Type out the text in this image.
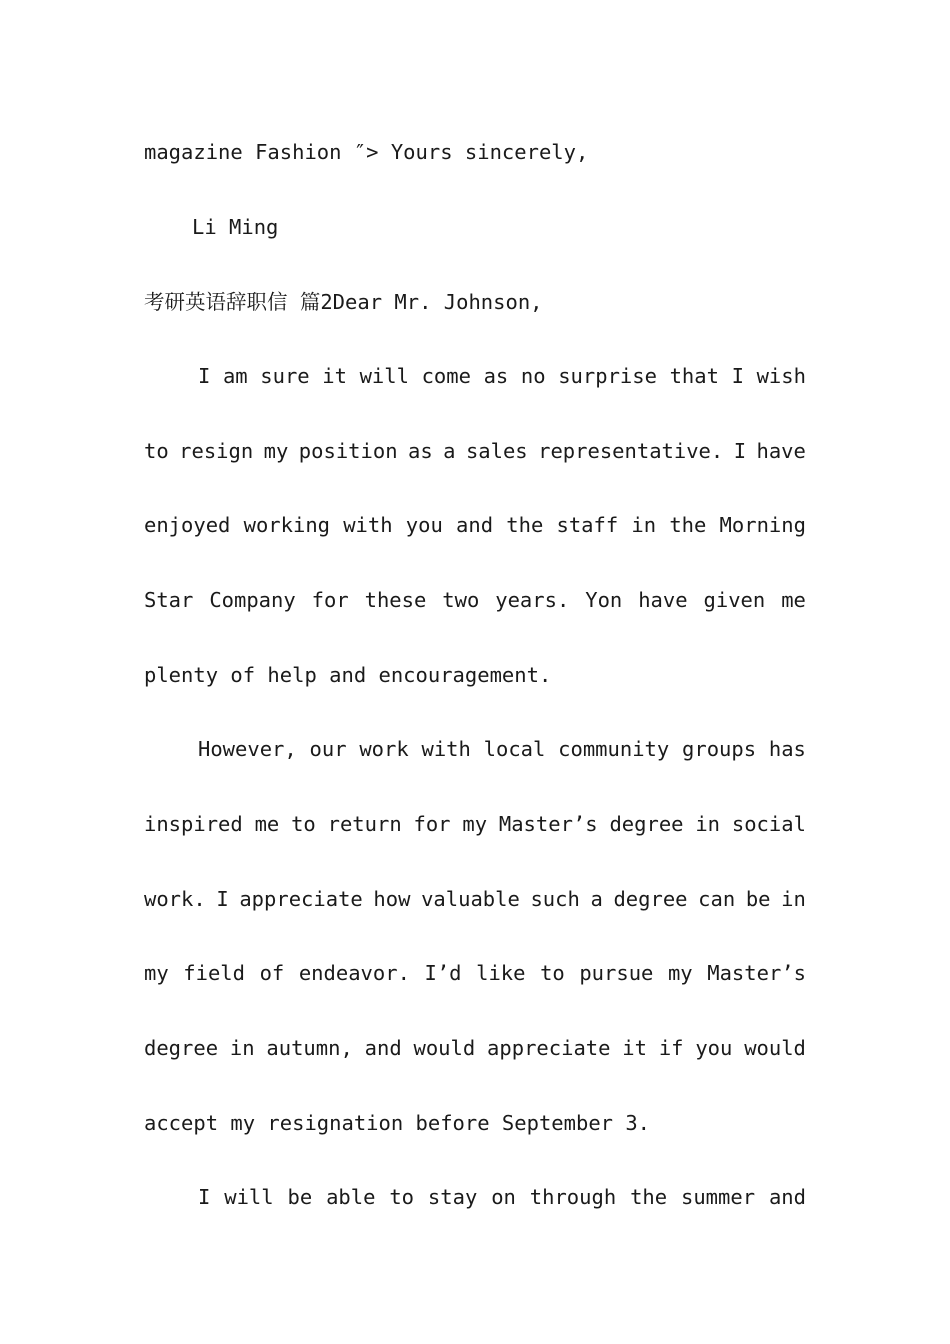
magazine Fashion ″> Yours sincerely,
Li Ming
考研英语辞职信 篇2Dear Mr. Johnson,
I am sure it will come as no surprise that I wish
to resign my position as a sales representative. I have
enjoyed working with you and the staff in the Morning
Star Company for these two years. Yon have given me
plenty of help and encouragement.
However, our work with local community groups has
inspired me to return for my Master’s degree in social
work. I appreciate how valuable such a degree can be in
my field of endeavor. I’d like to pursue my Master’s
degree in autumn, and would appreciate it if you would
accept my resignation before September 3.
I will be able to stay on through the summer and
